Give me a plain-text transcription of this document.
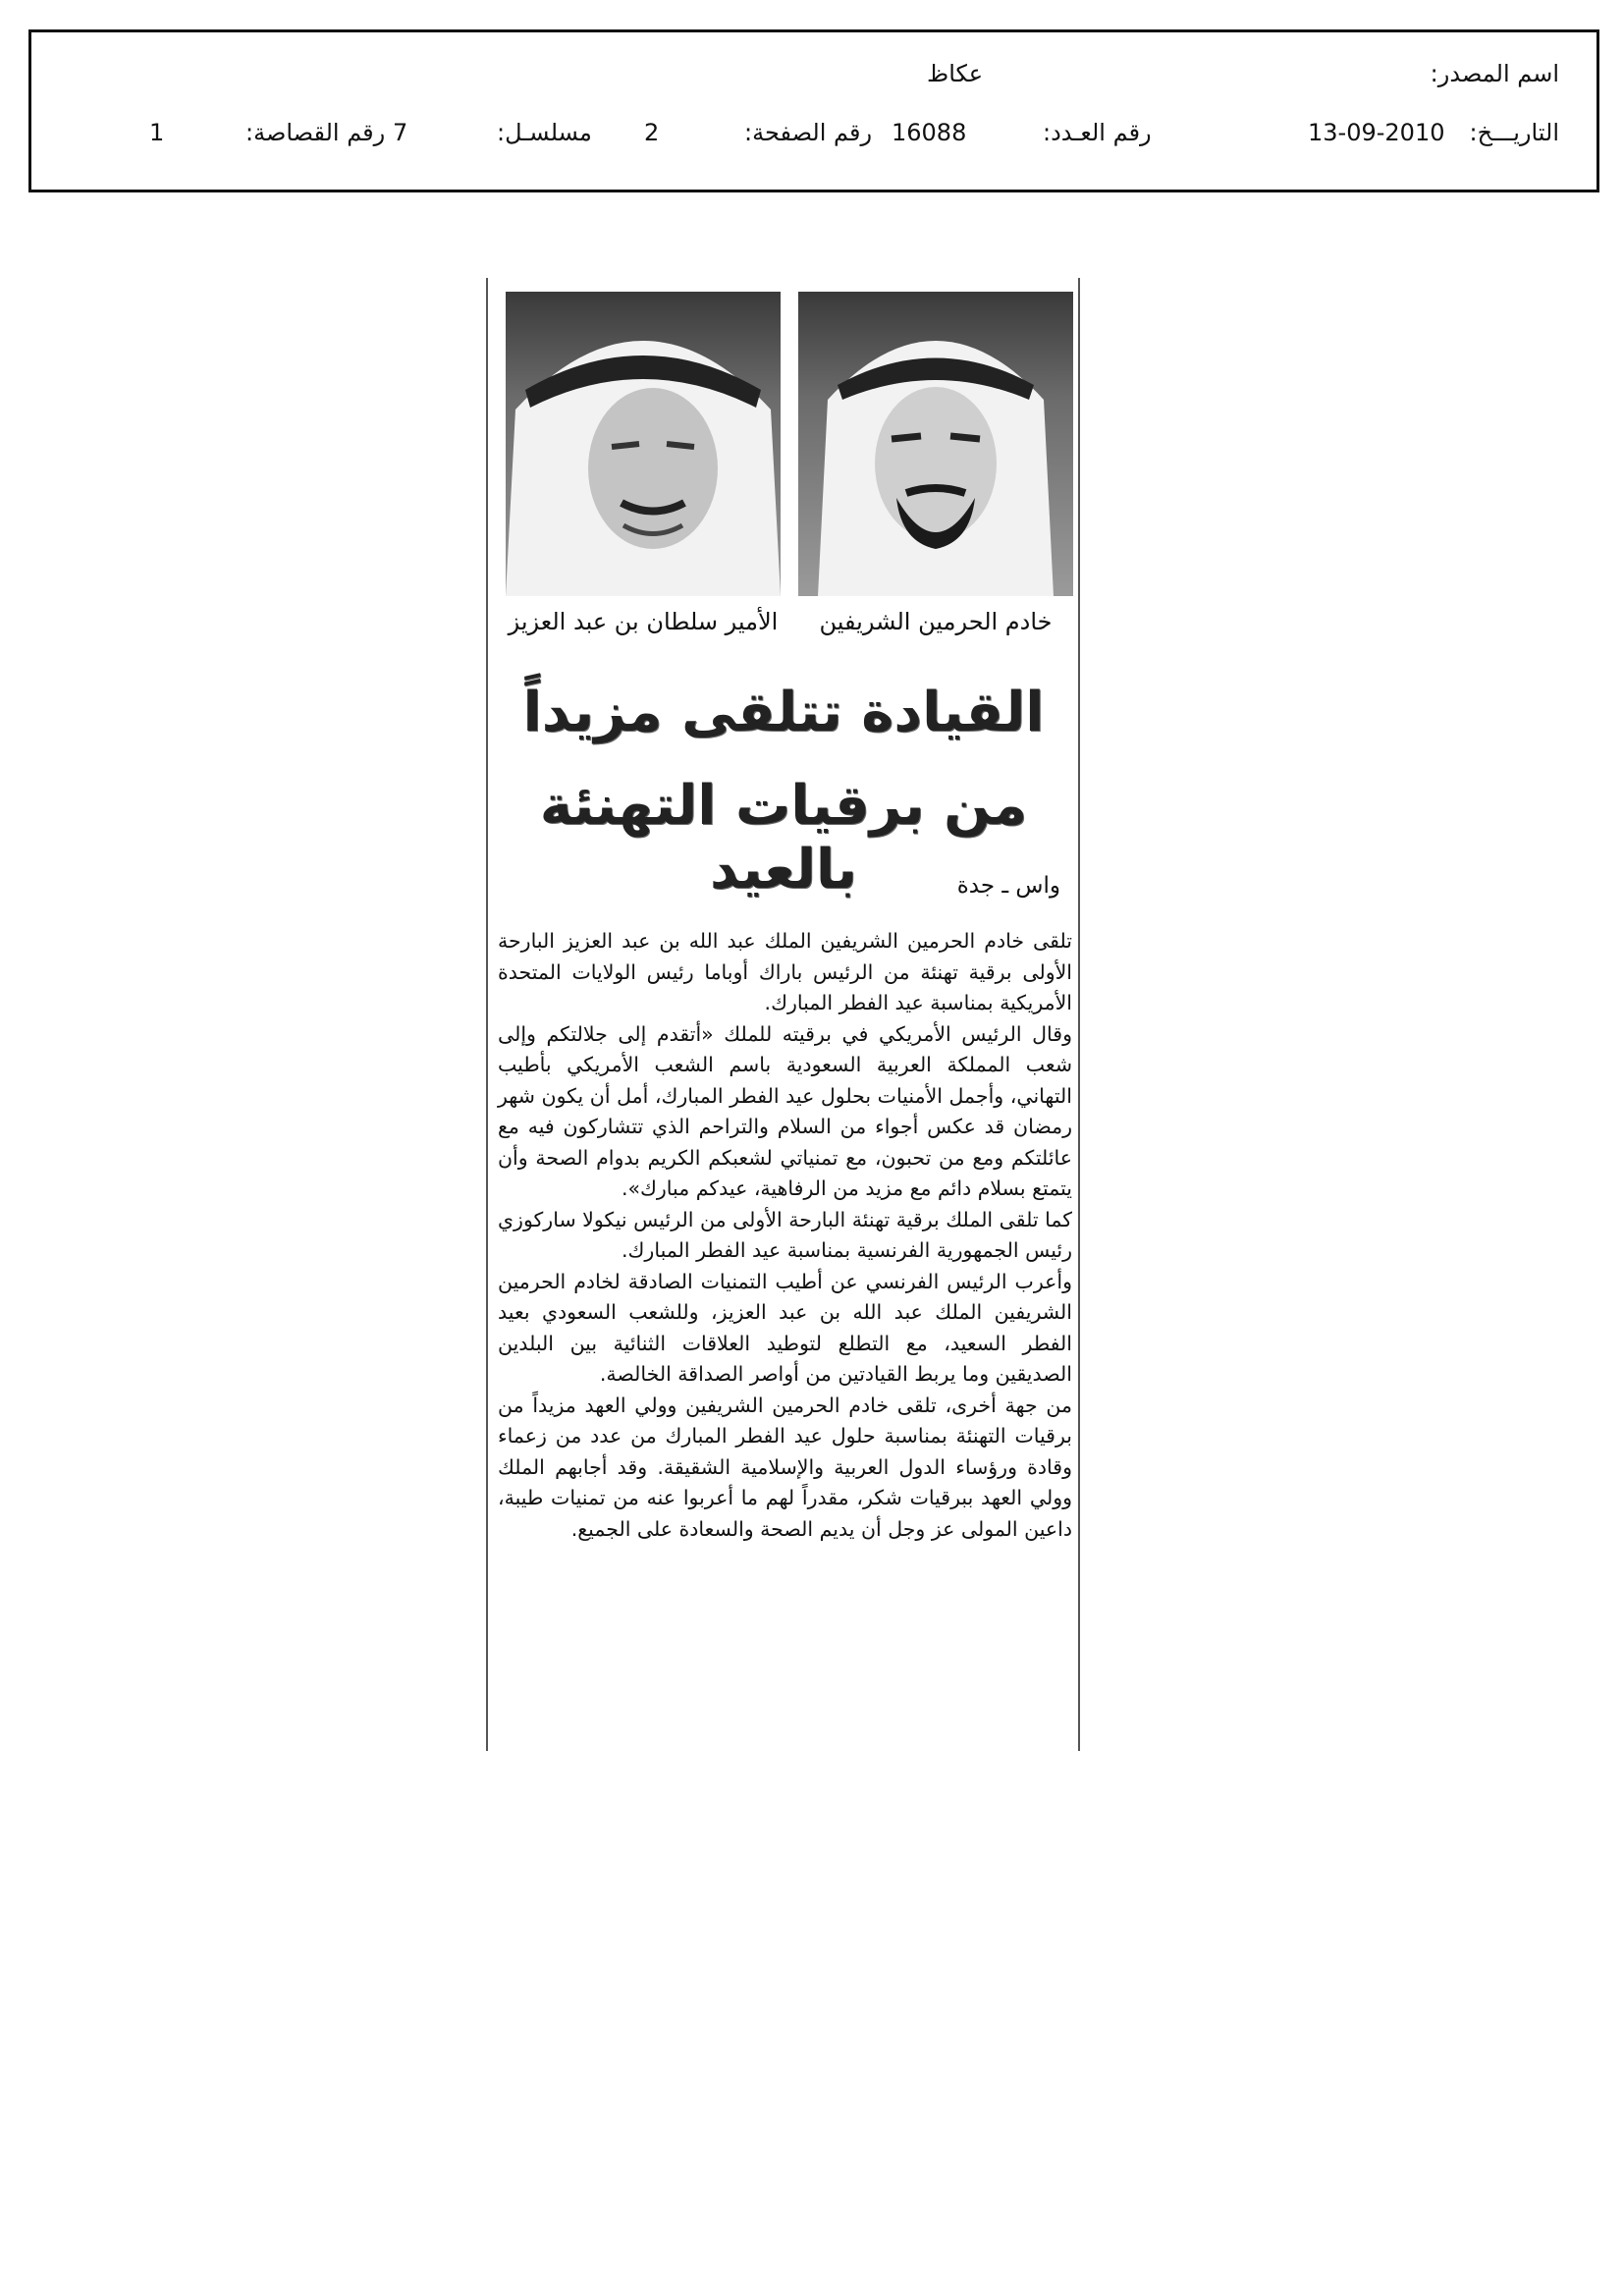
اسم المصدر:
عكاظ
التاريـــخ:
13-09-2010
رقم العـدد:
16088
رقم الصفحة:
2
مسلسـل:
7
رقم القصاصة:
1
خادم الحرمين الشريفين
الأمير سلطان بن عبد العزيز
القيادة تتلقى مزيداً
من برقيات التهنئة بالعيد	واس ـ جدة

تلقى خادم الحرمين الشريفين الملك عبد الله بن عبد العزيز البارحة الأولى برقية تهنئة من الرئيس باراك أوباما رئيس الولايات المتحدة الأمريكية بمناسبة عيد الفطر المبارك.

وقال الرئيس الأمريكي في برقيته للملك «أتقدم إلى جلالتكم وإلى شعب المملكة العربية السعودية باسم الشعب الأمريكي بأطيب التهاني، وأجمل الأمنيات بحلول عيد الفطر المبارك، أمل أن يكون شهر رمضان قد عكس أجواء من السلام والتراحم الذي تتشاركون فيه مع عائلتكم ومع من تحبون، مع تمنياتي لشعبكم الكريم بدوام الصحة وأن يتمتع بسلام دائم مع مزيد من الرفاهية، عيدكم مبارك».

كما تلقى الملك برقية تهنئة البارحة الأولى من الرئيس نيكولا ساركوزي رئيس الجمهورية الفرنسية بمناسبة عيد الفطر المبارك.

وأعرب الرئيس الفرنسي عن أطيب التمنيات الصادقة لخادم الحرمين الشريفين الملك عبد الله بن عبد العزيز، وللشعب السعودي بعيد الفطر السعيد، مع التطلع لتوطيد العلاقات الثنائية بين البلدين الصديقين وما يربط القيادتين من أواصر الصداقة الخالصة.

من جهة أخرى، تلقى خادم الحرمين الشريفين وولي العهد مزيداً من برقيات التهنئة بمناسبة حلول عيد الفطر المبارك من عدد من زعماء وقادة ورؤساء الدول العربية والإسلامية الشقيقة. وقد أجابهم الملك وولي العهد ببرقيات شكر، مقدراً لهم ما أعربوا عنه من تمنيات طيبة، داعين المولى عز وجل أن يديم الصحة والسعادة على الجميع.
